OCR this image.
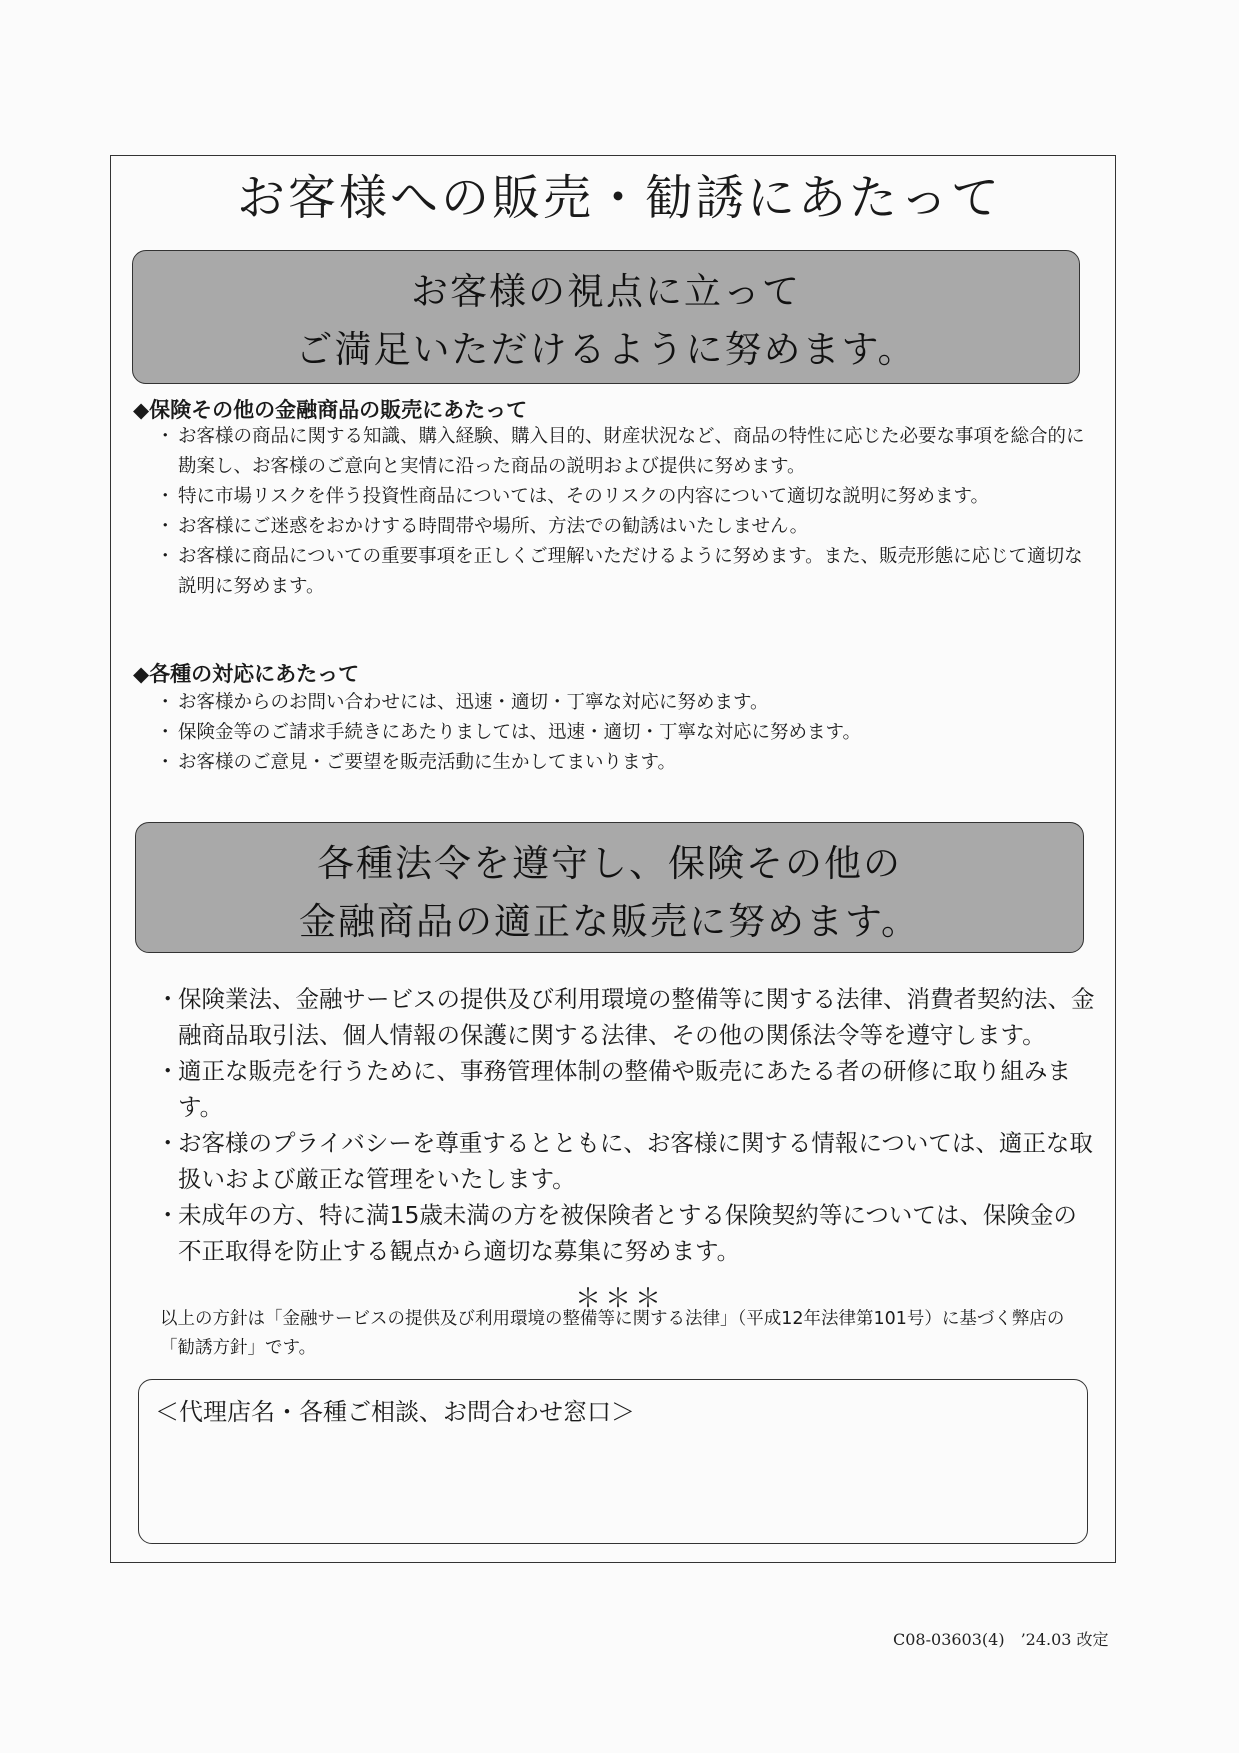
お客様への販売・勧誘にあたって
お客様の視点に立って
ご満足いただけるように努めます。
◆保険その他の金融商品の販売にあたって
・ お客様の商品に関する知識、購入経験、購入目的、財産状況など、商品の特性に応じた必要な事項を総合的に勘案し、お客様のご意向と実情に沿った商品の説明および提供に努めます。
・ 特に市場リスクを伴う投資性商品については、そのリスクの内容について適切な説明に努めます。
・ お客様にご迷惑をおかけする時間帯や場所、方法での勧誘はいたしません。
・ お客様に商品についての重要事項を正しくご理解いただけるように努めます。また、販売形態に応じて適切な説明に努めます。
◆各種の対応にあたって
・ お客様からのお問い合わせには、迅速・適切・丁寧な対応に努めます。
・ 保険金等のご請求手続きにあたりましては、迅速・適切・丁寧な対応に努めます。
・ お客様のご意見・ご要望を販売活動に生かしてまいります。
各種法令を遵守し、保険その他の
金融商品の適正な販売に努めます。
・ 保険業法、金融サービスの提供及び利用環境の整備等に関する法律、消費者契約法、金融商品取引法、個人情報の保護に関する法律、その他の関係法令等を遵守します。
・ 適正な販売を行うために、事務管理体制の整備や販売にあたる者の研修に取り組みます。
・ お客様のプライバシーを尊重するとともに、お客様に関する情報については、適正な取扱いおよび厳正な管理をいたします。
・ 未成年の方、特に満15歳未満の方を被保険者とする保険契約等については、保険金の不正取得を防止する観点から適切な募集に努めます。
＊＊＊
以上の方針は「金融サービスの提供及び利用環境の整備等に関する法律」（平成12年法律第101号）に基づく弊店の「勧誘方針」です。
＜代理店名・各種ご相談、お問合わせ窓口＞
C08-03603(4)　’24.03 改定
